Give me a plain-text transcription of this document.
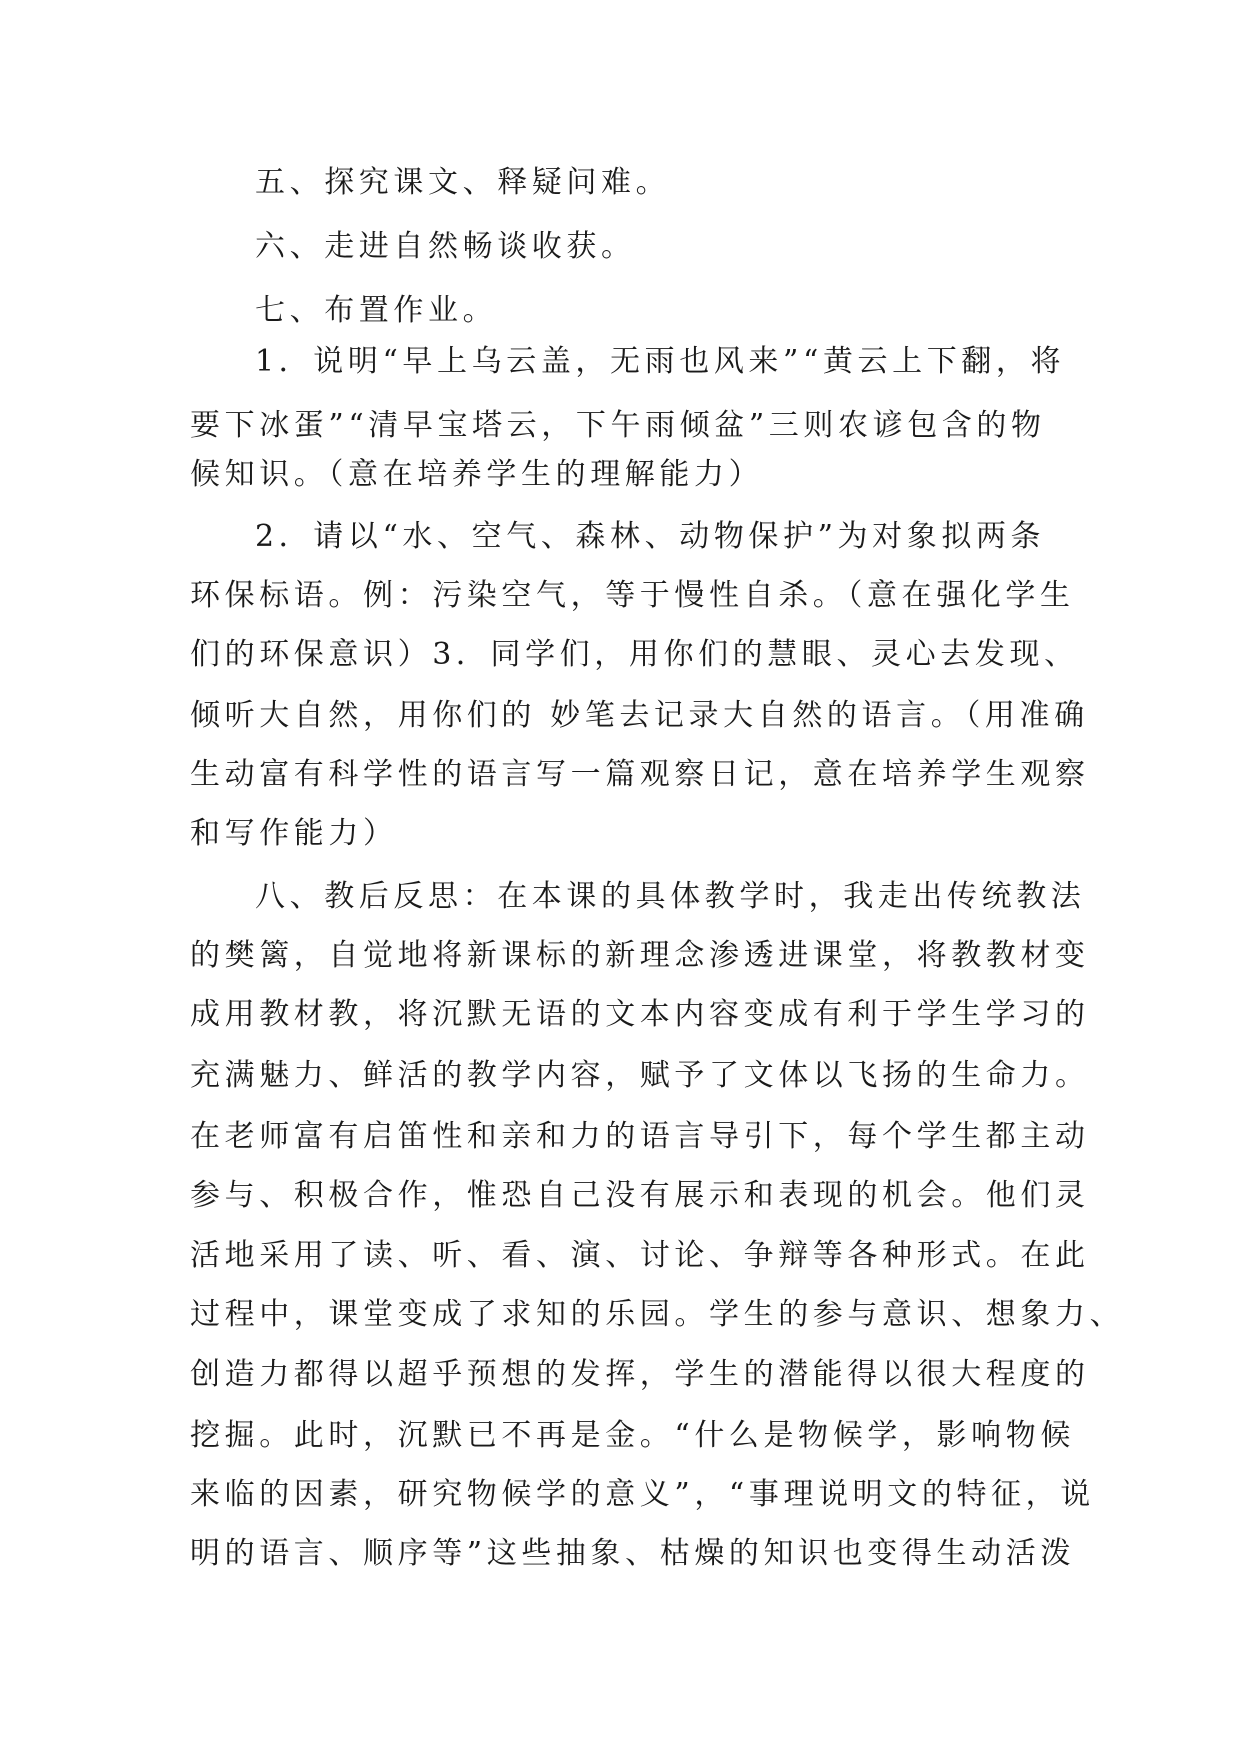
五、探究课文、释疑问难。

六、走进自然畅谈收获。

七、布置作业。

1．说明“早上乌云盖，无雨也风来”“黄云上下翻，将

要下冰蛋”“清早宝塔云，下午雨倾盆”三则农谚包含的物

候知识。（意在培养学生的理解能力）

2．请以“水、空气、森林、动物保护”为对象拟两条

环保标语。例：污染空气，等于慢性自杀。（意在强化学生

们的环保意识）3．同学们，用你们的慧眼、灵心去发现、

倾听大自然，用你们的 妙笔去记录大自然的语言。（用准确

生动富有科学性的语言写一篇观察日记，意在培养学生观察

和写作能力）

八、教后反思：在本课的具体教学时，我走出传统教法

的樊篱，自觉地将新课标的新理念渗透进课堂，将教教材变

成用教材教，将沉默无语的文本内容变成有利于学生学习的

充满魅力、鲜活的教学内容，赋予了文体以飞扬的生命力。

在老师富有启笛性和亲和力的语言导引下，每个学生都主动

参与、积极合作，惟恐自己没有展示和表现的机会。他们灵

活地采用了读、听、看、演、讨论、争辩等各种形式。在此

过程中，课堂变成了求知的乐园。学生的参与意识、想象力、

创造力都得以超乎预想的发挥，学生的潜能得以很大程度的

挖掘。此时，沉默已不再是金。“什么是物候学，影响物候

来临的因素，研究物候学的意义”，“事理说明文的特征，说

明的语言、顺序等”这些抽象、枯燥的知识也变得生动活泼
